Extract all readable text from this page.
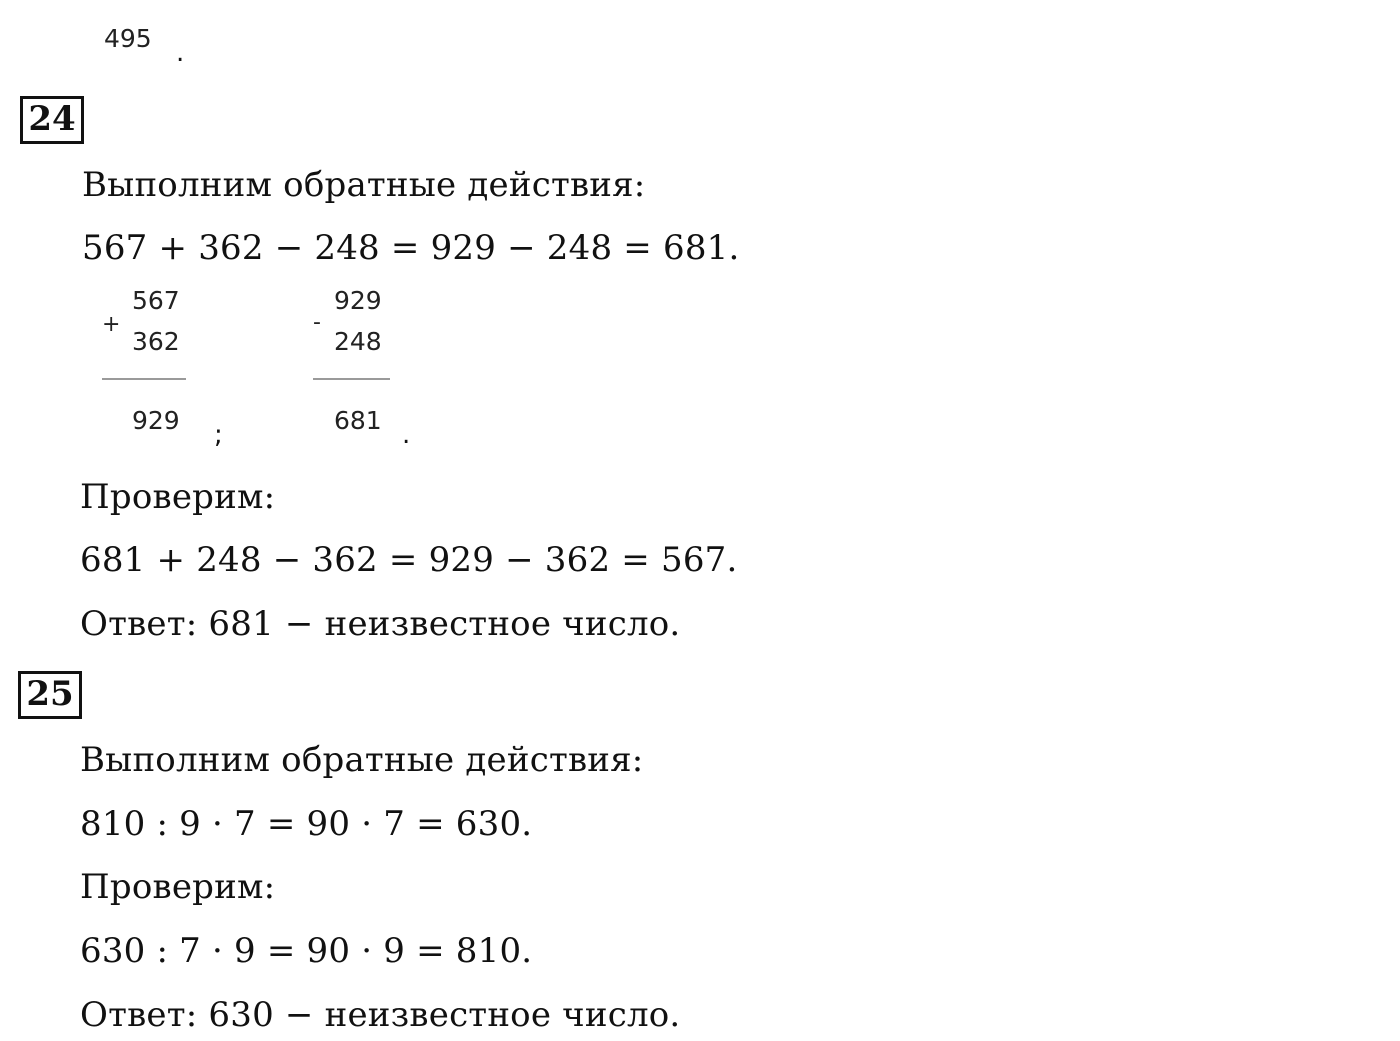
495 .
24
Выполним обратные действия:
567 + 362 − 248 = 929 − 248 = 681.
+
567
362
929 ;
-
929
248
681 .
Проверим:
681 + 248 − 362 = 929 − 362 = 567.
Ответ: 681 − неизвестное число.
25
Выполним обратные действия:
810 : 9 · 7 = 90 · 7 = 630.
Проверим:
630 : 7 · 9 = 90 · 9 = 810.
Ответ: 630 − неизвестное число.
